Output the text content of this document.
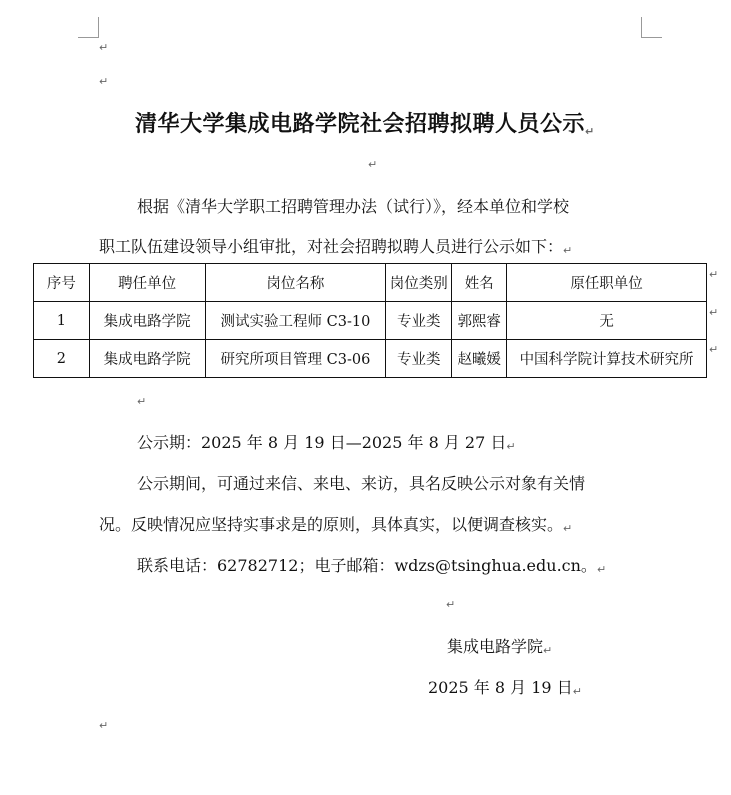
↵
↵
清华大学集成电路学院社会招聘拟聘人员公示↵
↵
根据《清华大学职工招聘管理办法（试行）》，经本单位和学校
职工队伍建设领导小组审批，对社会招聘拟聘人员进行公示如下：↵
序号	聘任单位	岗位名称	岗位类别	姓名	原任职单位
1	集成电路学院	测试实验工程师 C3-10	专业类	郭熙睿	无
2	集成电路学院	研究所项目管理 C3-06	专业类	赵曦媛	中国科学院计算技术研究所
↵
↵
↵
↵
公示期：2025 年 8 月 19 日—2025 年 8 月 27 日↵
公示期间，可通过来信、来电、来访，具名反映公示对象有关情
况。反映情况应坚持实事求是的原则，具体真实，以便调查核实。↵
联系电话：62782712；电子邮箱：wdzs@tsinghua.edu.cn。↵
↵
集成电路学院↵
2025 年 8 月 19 日↵
↵
